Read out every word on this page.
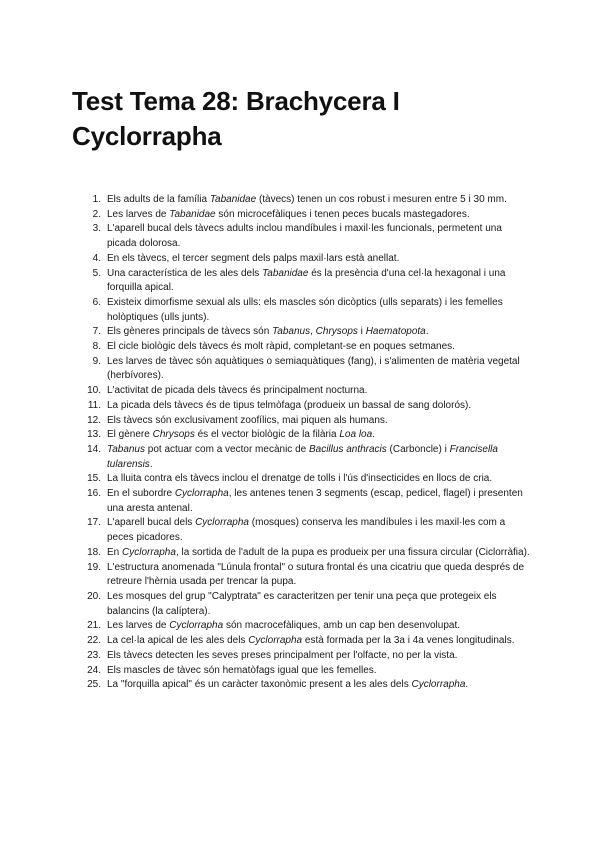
Test Tema 28: Brachycera I Cyclorrapha
1. Els adults de la família Tabanidae (tàvecs) tenen un cos robust i mesuren entre 5 i 30 mm.
2. Les larves de Tabanidae són microcefàliques i tenen peces bucals mastegadores.
3. L'aparell bucal dels tàvecs adults inclou mandíbules i maxil·les funcionals, permetent una picada dolorosa.
4. En els tàvecs, el tercer segment dels palps maxil·lars està anellat.
5. Una característica de les ales dels Tabanidae és la presència d'una cel·la hexagonal i una forquilla apical.
6. Existeix dimorfisme sexual als ulls: els mascles són dicòptics (ulls separats) i les femelles holòptiques (ulls junts).
7. Els gèneres principals de tàvecs són Tabanus, Chrysops i Haematopota.
8. El cicle biològic dels tàvecs és molt ràpid, completant-se en poques setmanes.
9. Les larves de tàvec són aquàtiques o semiaquàtiques (fang), i s'alimenten de matèria vegetal (herbívores).
10. L'activitat de picada dels tàvecs és principalment nocturna.
11. La picada dels tàvecs és de tipus telmòfaga (produeix un bassal de sang dolorós).
12. Els tàvecs són exclusivament zoofílics, mai piquen als humans.
13. El gènere Chrysops és el vector biològic de la filària Loa loa.
14. Tabanus pot actuar com a vector mecànic de Bacillus anthracis (Carboncle) i Francisella tularensis.
15. La lluita contra els tàvecs inclou el drenatge de tolls i l'ús d'insecticides en llocs de cria.
16. En el subordre Cyclorrapha, les antenes tenen 3 segments (escap, pedicel, flagel) i presenten una aresta antenal.
17. L'aparell bucal dels Cyclorrapha (mosques) conserva les mandíbules i les maxil·les com a peces picadores.
18. En Cyclorrapha, la sortida de l'adult de la pupa es produeix per una fissura circular (Ciclorràfia).
19. L'estructura anomenada "Lúnula frontal" o sutura frontal és una cicatriu que queda després de retreure l'hèrnia usada per trencar la pupa.
20. Les mosques del grup "Calyptrata" es caracteritzen per tenir una peça que protegeix els balancins (la calíptera).
21. Les larves de Cyclorrapha són macrocefàliques, amb un cap ben desenvolupat.
22. La cel·la apical de les ales dels Cyclorrapha està formada per la 3a i 4a venes longitudinals.
23. Els tàvecs detecten les seves preses principalment per l'olfacte, no per la vista.
24. Els mascles de tàvec són hematòfags igual que les femelles.
25. La "forquilla apical" és un caràcter taxonòmic present a les ales dels Cyclorrapha.
